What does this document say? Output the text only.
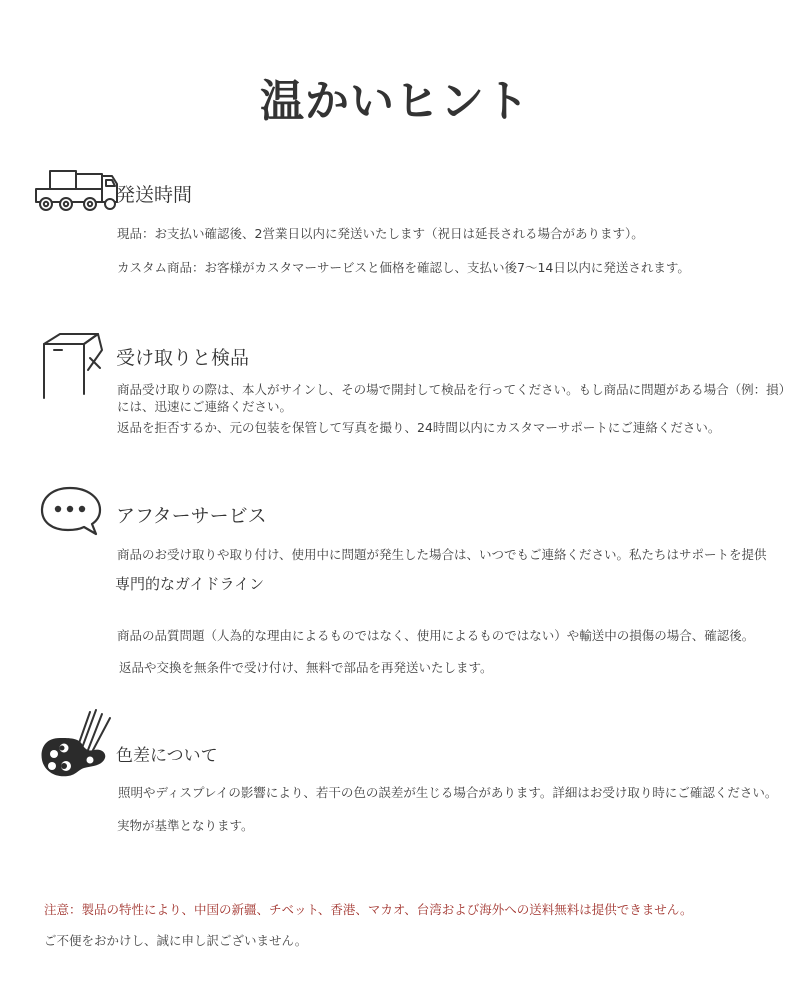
温かいヒント
発送時間
現品：お支払い確認後、2営業日以内に発送いたします（祝日は延長される場合があります）。
カスタム商品：お客様がカスタマーサービスと価格を確認し、支払い後7〜14日以内に発送されます。
受け取りと検品
商品受け取りの際は、本人がサインし、その場で開封して検品を行ってください。もし商品に問題がある場合（例：損）には、迅速にご連絡ください。
返品を拒否するか、元の包装を保管して写真を撮り、24時間以内にカスタマーサポートにご連絡ください。
アフターサービス
商品のお受け取りや取り付け、使用中に問題が発生した場合は、いつでもご連絡ください。私たちはサポートを提供
専門的なガイドライン
商品の品質問題（人為的な理由によるものではなく、使用によるものではない）や輸送中の損傷の場合、確認後。
返品や交換を無条件で受け付け、無料で部品を再発送いたします。
色差について
照明やディスプレイの影響により、若干の色の誤差が生じる場合があります。詳細はお受け取り時にご確認ください。
実物が基準となります。
注意：製品の特性により、中国の新疆、チベット、香港、マカオ、台湾および海外への送料無料は提供できません。
ご不便をおかけし、誠に申し訳ございません。
